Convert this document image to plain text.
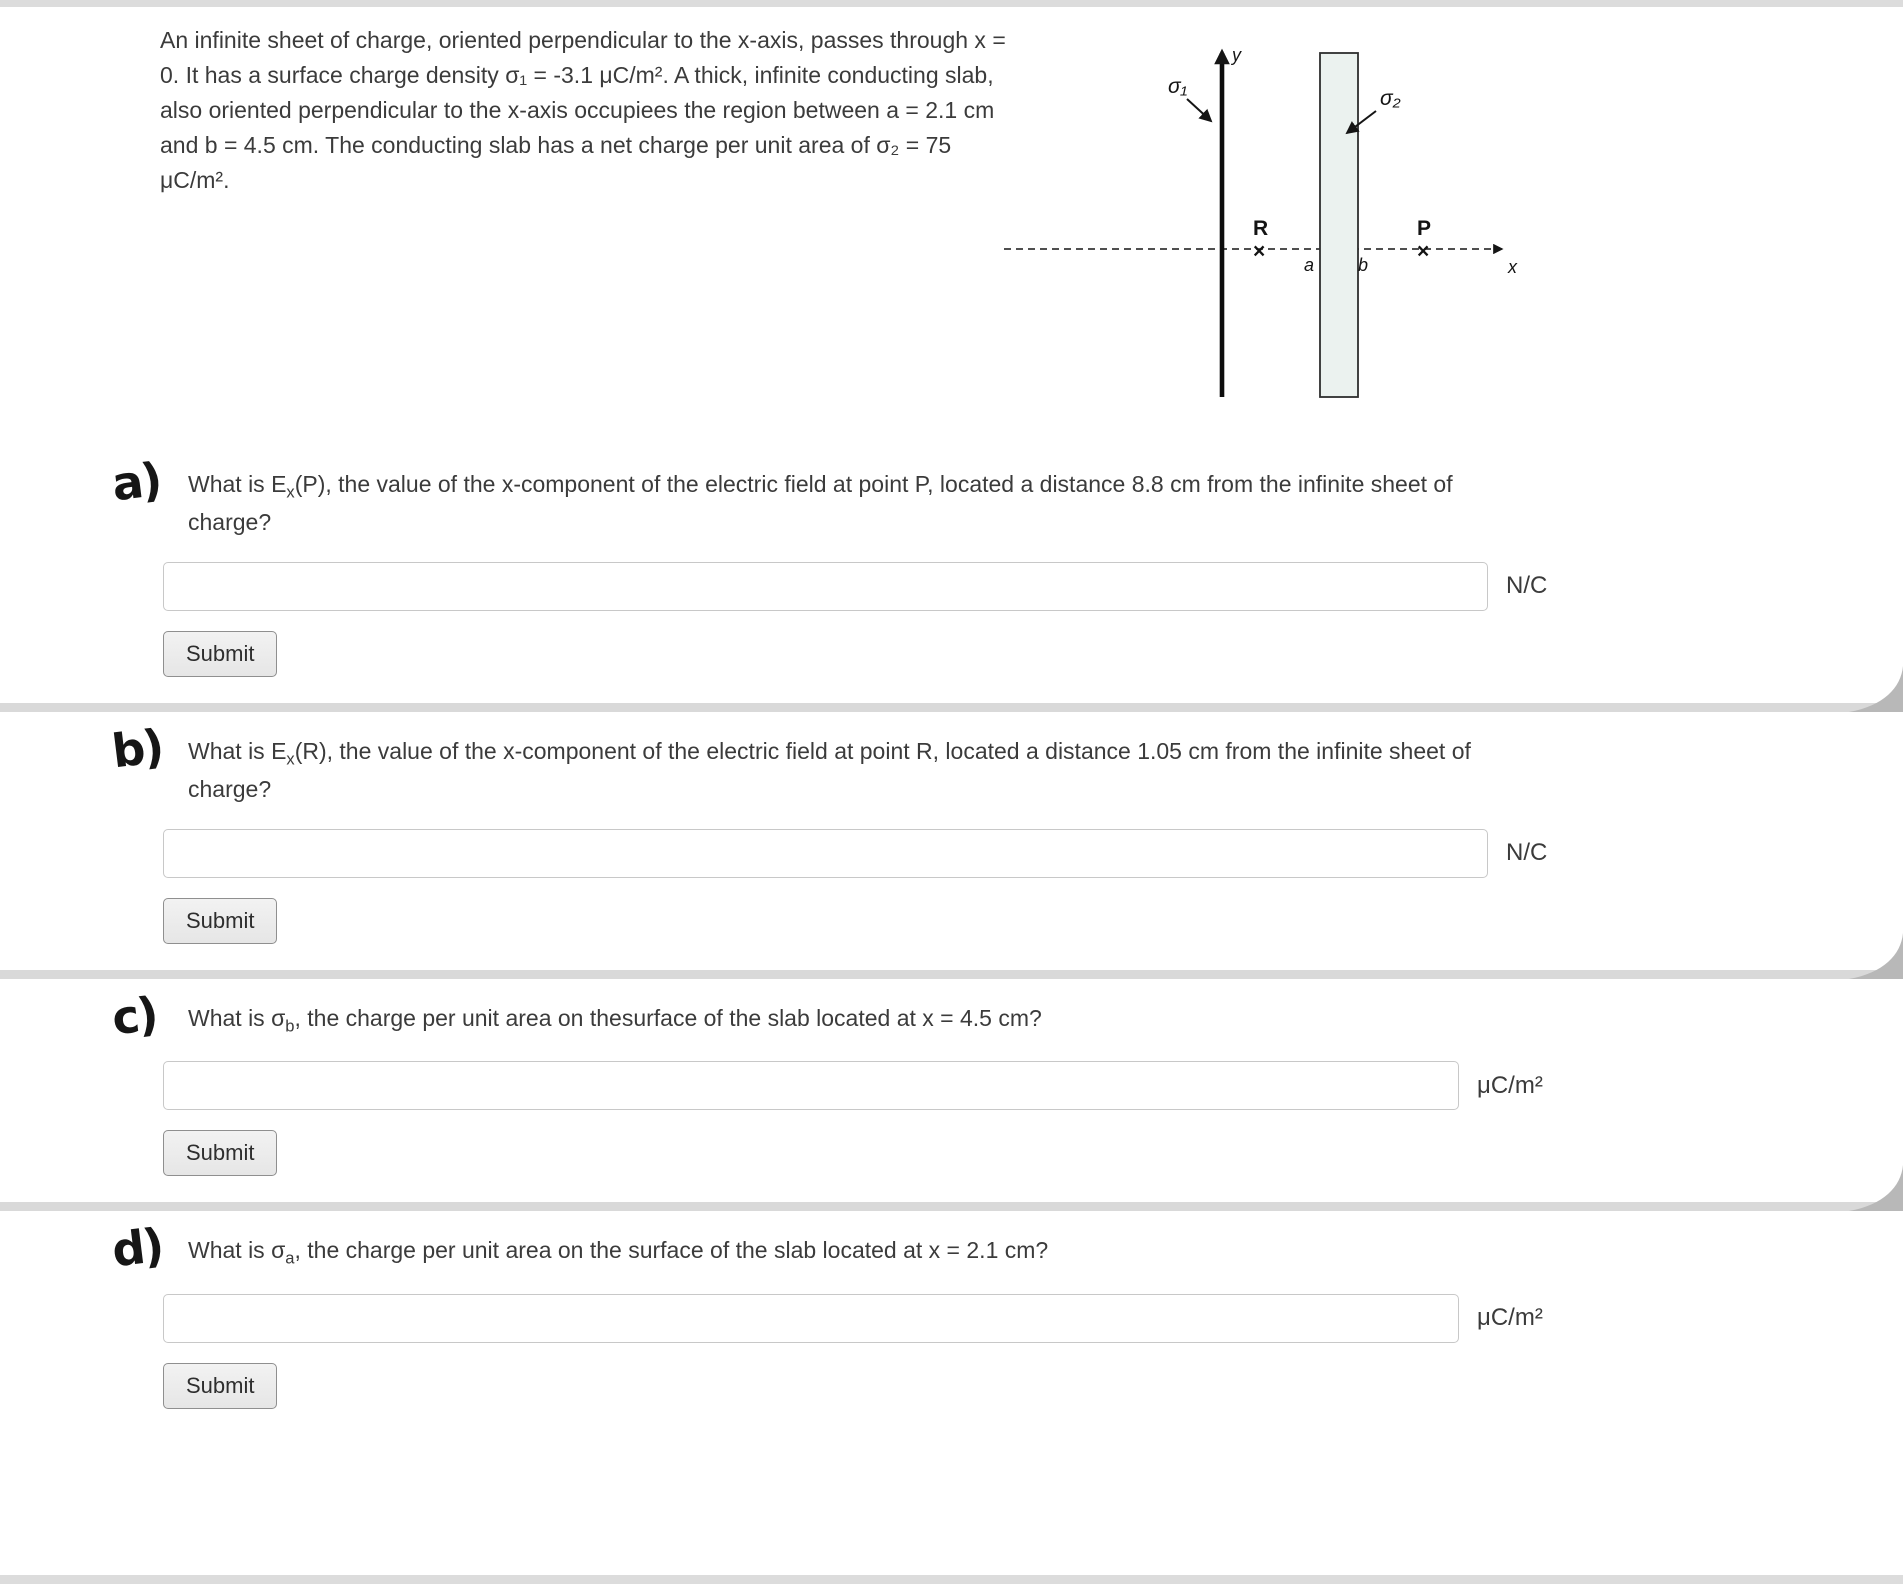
An infinite sheet of charge, oriented perpendicular to the x-axis, passes through x = 0. It has a surface charge density σ₁ = -3.1 μC/m². A thick, infinite conducting slab, also oriented perpendicular to the x-axis occupiees the region between a = 2.1 cm and b = 4.5 cm. The conducting slab has a net charge per unit area of σ₂ = 75 μC/m².
x
y
σ₁
σ₂
R
×
P
×
a b
a)	What is $E_x(P)$, the value of the x-component of the electric field at point P, located a distance 8.8 cm from the infinite sheet of charge?
N/C
Submit
b) What is $E_x(R)$, the value of the x-component of the electric field at point R, located a distance 1.05 cm from the infinite sheet of charge?
N/C
Submit
c)	What is $\sigma_b$, the charge per unit area on thesurface of the slab located at x = 4.5 cm?
μC/m²
Submit
d) What is $\sigma_a$, the charge per unit area on the surface of the slab located at x = 2.1 cm?
μC/m²
Submit
